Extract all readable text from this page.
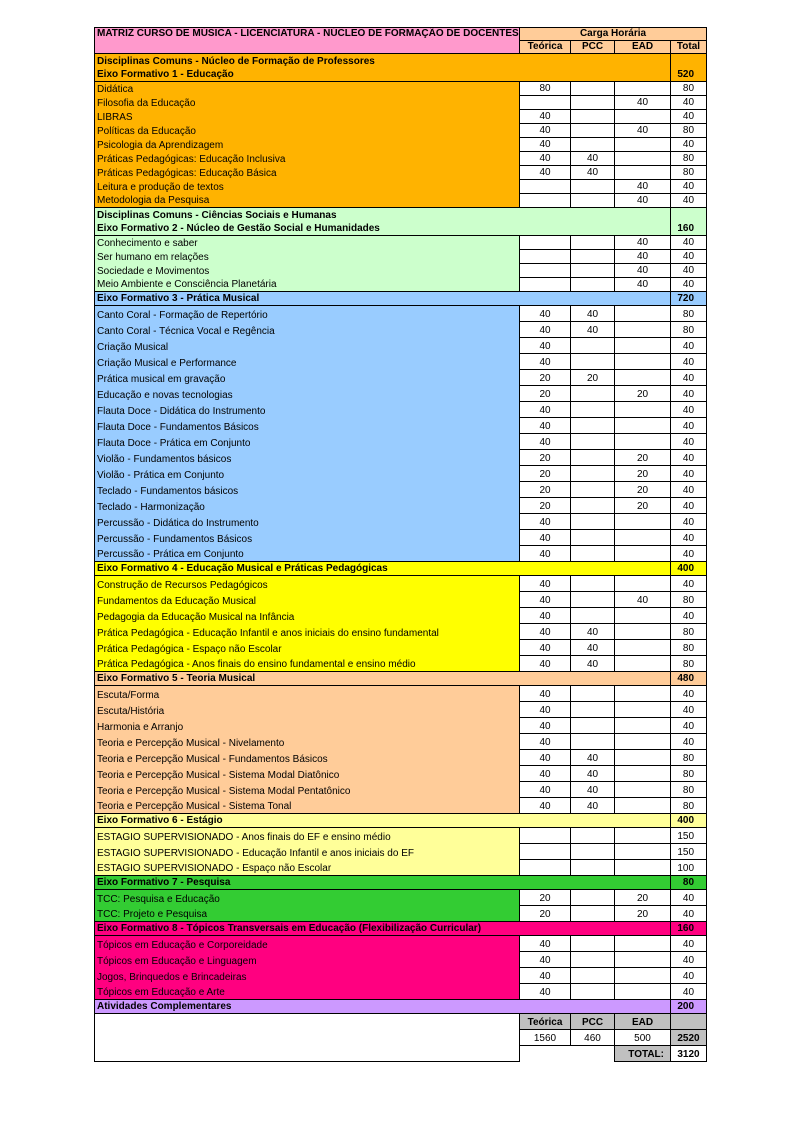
MATRIZ CURSO DE MÚSICA - LICENCIATURA - NÚCLEO DE FORMAÇÃO DE DOCENTES	Carga Horária			
	Teórica	PCC	EAD	Total
Disciplinas Comuns - Núcleo de Formação de Professores				520
Eixo Formativo 1 - Educação				
Didática	80			80
Filosofia da Educação			40	40
LIBRAS	40			40
Políticas da Educação	40		40	80
Psicologia da Aprendizagem	40			40
Práticas Pedagógicas: Educação Inclusiva	40	40		80
Práticas Pedagógicas: Educação Básica	40	40		80
Leitura e produção de textos			40	40
Metodologia da Pesquisa			40	40
Disciplinas Comuns - Ciências Sociais e Humanas				160
Eixo Formativo 2 - Núcleo de Gestão Social e Humanidades				
Conhecimento e saber			40	40
Ser humano em relações			40	40
Sociedade e Movimentos			40	40
Meio Ambiente e Consciência Planetária			40	40
Eixo Formativo 3 - Prática Musical				720
Canto Coral - Formação de Repertório	40	40		80
Canto Coral - Técnica Vocal e Regência	40	40		80
Criação Musical	40			40
Criação Musical e Performance	40			40
Prática musical em gravação	20	20		40
Educação e novas tecnologias	20		20	40
Flauta Doce - Didática do Instrumento	40			40
Flauta Doce - Fundamentos Básicos	40			40
Flauta Doce - Prática em Conjunto	40			40
Violão - Fundamentos básicos	20		20	40
Violão - Prática em Conjunto	20		20	40
Teclado - Fundamentos básicos	20		20	40
Teclado - Harmonização	20		20	40
Percussão - Didática do Instrumento	40			40
Percussão - Fundamentos Básicos	40			40
Percussão - Prática em Conjunto	40			40
Eixo Formativo 4 - Educação Musical e Práticas Pedagógicas				400
Construção de Recursos Pedagógicos	40			40
Fundamentos da Educação Musical	40		40	80
Pedagogia da Educação Musical na Infância	40			40
Prática Pedagógica - Educação Infantil e anos iniciais do ensino fundamental	40	40		80
Prática Pedagógica - Espaço não Escolar	40	40		80
Prática Pedagógica - Anos finais do ensino fundamental e ensino médio	40	40		80
Eixo Formativo 5 - Teoria Musical				480
Escuta/Forma	40			40
Escuta/História	40			40
Harmonia e Arranjo	40			40
Teoria e Percepção Musical - Nivelamento	40			40
Teoria e Percepção Musical - Fundamentos Básicos	40	40		80
Teoria e Percepção Musical - Sistema Modal Diatônico	40	40		80
Teoria e Percepção Musical - Sistema Modal Pentatônico	40	40		80
Teoria e Percepção Musical - Sistema Tonal	40	40		80
Eixo Formativo 6 - Estágio				400
ESTAGIO SUPERVISIONADO - Anos finais do EF e ensino médio				150
ESTAGIO SUPERVISIONADO - Educação Infantil e anos iniciais do EF				150
ESTAGIO SUPERVISIONADO - Espaço não Escolar				100
Eixo Formativo 7 - Pesquisa				80
TCC: Pesquisa e Educação	20		20	40
TCC: Projeto e Pesquisa	20		20	40
Eixo Formativo 8 - Tópicos Transversais em Educação (Flexibilização Curricular)				160
Tópicos em Educação e Corporeidade	40			40
Tópicos em Educação e Linguagem	40			40
Jogos, Brinquedos e Brincadeiras	40			40
Tópicos em Educação e Arte	40			40
Atividades Complementares				200
	Teórica	PCC	EAD	
	1560	460	500	2520
			TOTAL:	3120
